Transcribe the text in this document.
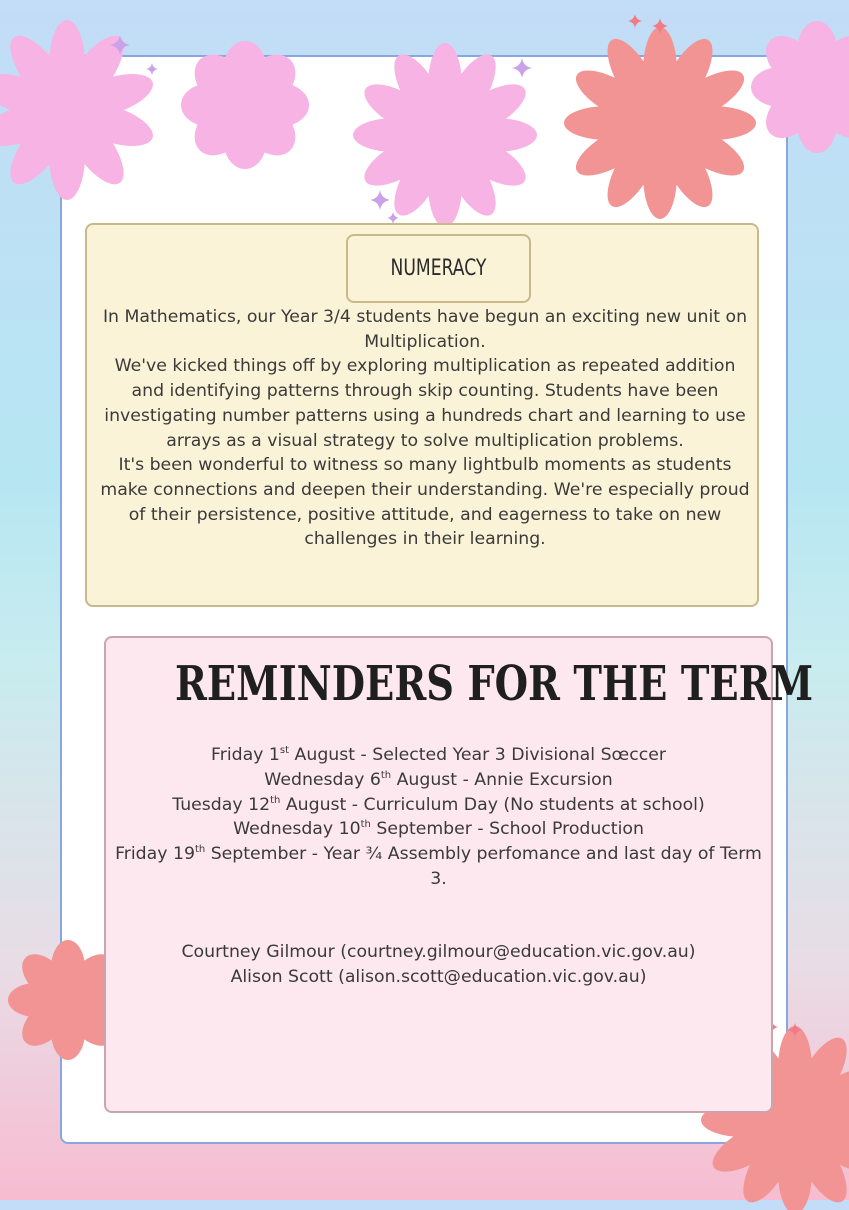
NUMERACY

In Mathematics, our Year 3/4 students have begun an exciting new unit on Multiplication.

We've kicked things off by exploring multiplication as repeated addition and identifying patterns through skip counting. Students have been investigating number patterns using a hundreds chart and learning to use arrays as a visual strategy to solve multiplication problems.

It's been wonderful to witness so many lightbulb moments as students make connections and deepen their understanding. We're especially proud of their persistence, positive attitude, and eagerness to take on new challenges in their learning.

REMINDERS FOR THE TERM

Friday 1st August - Selected Year 3 Divisional Sœccer

Wednesday 6th August - Annie Excursion

Tuesday 12th August - Curriculum Day (No students at school)

Wednesday 10th September - School Production

Friday 19th September - Year ¾ Assembly perfomance and last day of Term 3.

Courtney Gilmour (courtney.gilmour@education.vic.gov.au)

Alison Scott (alison.scott@education.vic.gov.au)
